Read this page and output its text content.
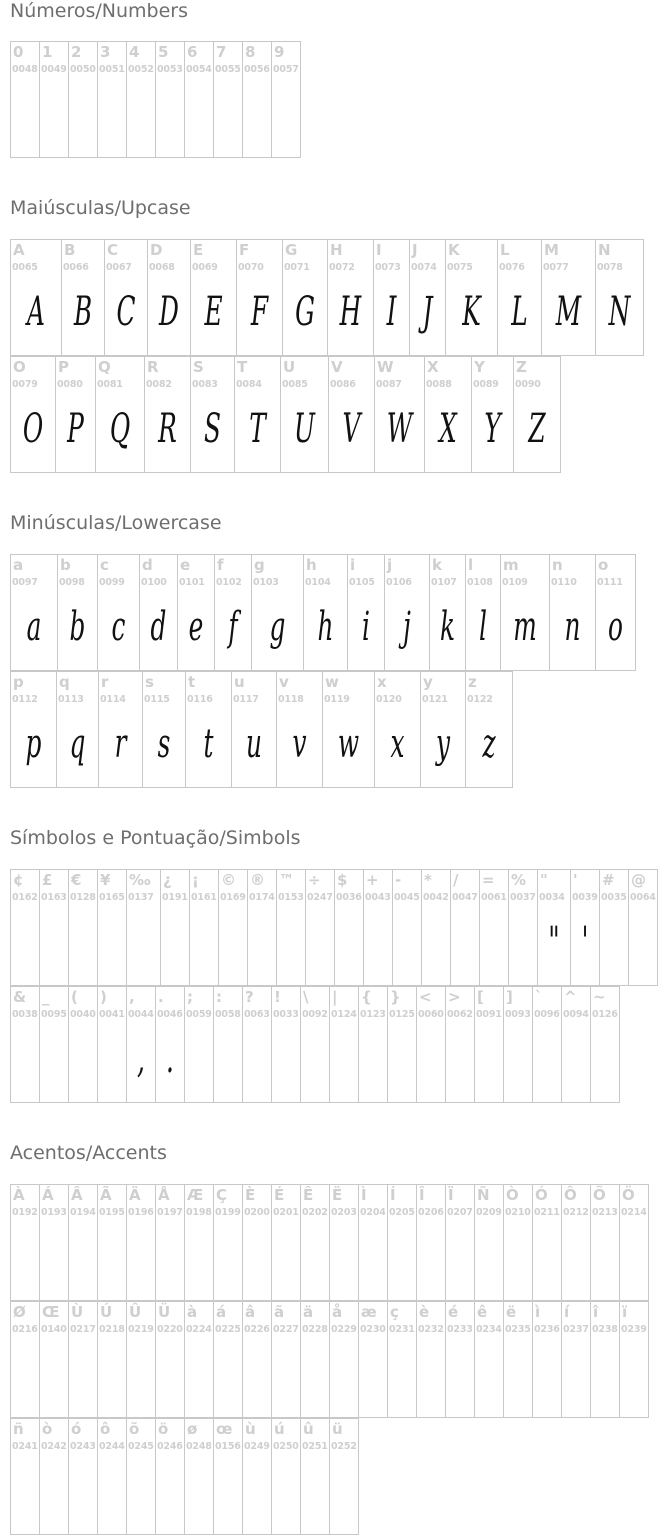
Números/Numbers
0
0048
1
0049
2
0050
3
0051
4
0052
5
0053
6
0054
7
0055
8
0056
9
0057
Maiúsculas/Upcase
A
0065
A
B
0066
B
C
0067
C
D
0068
D
E
0069
E
F
0070
F
G
0071
G
H
0072
H
I
0073
I
J
0074
J
K
0075
K
L
0076
L
M
0077
M
N
0078
N
O
0079
O
P
0080
P
Q
0081
Q
R
0082
R
S
0083
S
T
0084
T
U
0085
U
V
0086
V
W
0087
W
X
0088
X
Y
0089
Y
Z
0090
Z
Minúsculas/Lowercase
a
0097
a
b
0098
b
c
0099
c
d
0100
d
e
0101
e
f
0102
f
g
0103
g
h
0104
h
i
0105
i
j
0106
j
k
0107
k
l
0108
l
m
0109
m
n
0110
n
o
0111
o
p
0112
p
q
0113
q
r
0114
r
s
0115
s
t
0116
t
u
0117
u
v
0118
v
w
0119
w
x
0120
x
y
0121
y
z
0122
z
Símbolos e Pontuação/Simbols
¢
0162
£
0163
€
0128
¥
0165
‰
0137
¿
0191
¡
0161
©
0169
®
0174
™
0153
÷
0247
$
0036
+
0043
-
0045
*
0042
/
0047
=
0061
%
0037
"
0034
"
'
0039
'
#
0035
@
0064
&
0038
_
0095
(
0040
)
0041
,
0044
,
.
0046
.
;
0059
:
0058
?
0063
!
0033
\
0092
|
0124
{
0123
}
0125
<
0060
>
0062
[
0091
]
0093
`
0096
^
0094
~
0126
Acentos/Accents
À
0192
Á
0193
Â
0194
Ã
0195
Ä
0196
Å
0197
Æ
0198
Ç
0199
È
0200
É
0201
Ê
0202
Ë
0203
Ì
0204
Í
0205
Î
0206
Ï
0207
Ñ
0209
Ò
0210
Ó
0211
Ô
0212
Õ
0213
Ö
0214
Ø
0216
Œ
0140
Ù
0217
Ú
0218
Û
0219
Ü
0220
à
0224
á
0225
â
0226
ã
0227
ä
0228
å
0229
æ
0230
ç
0231
è
0232
é
0233
ê
0234
ë
0235
ì
0236
í
0237
î
0238
ï
0239
ñ
0241
ò
0242
ó
0243
ô
0244
õ
0245
ö
0246
ø
0248
œ
0156
ù
0249
ú
0250
û
0251
ü
0252
